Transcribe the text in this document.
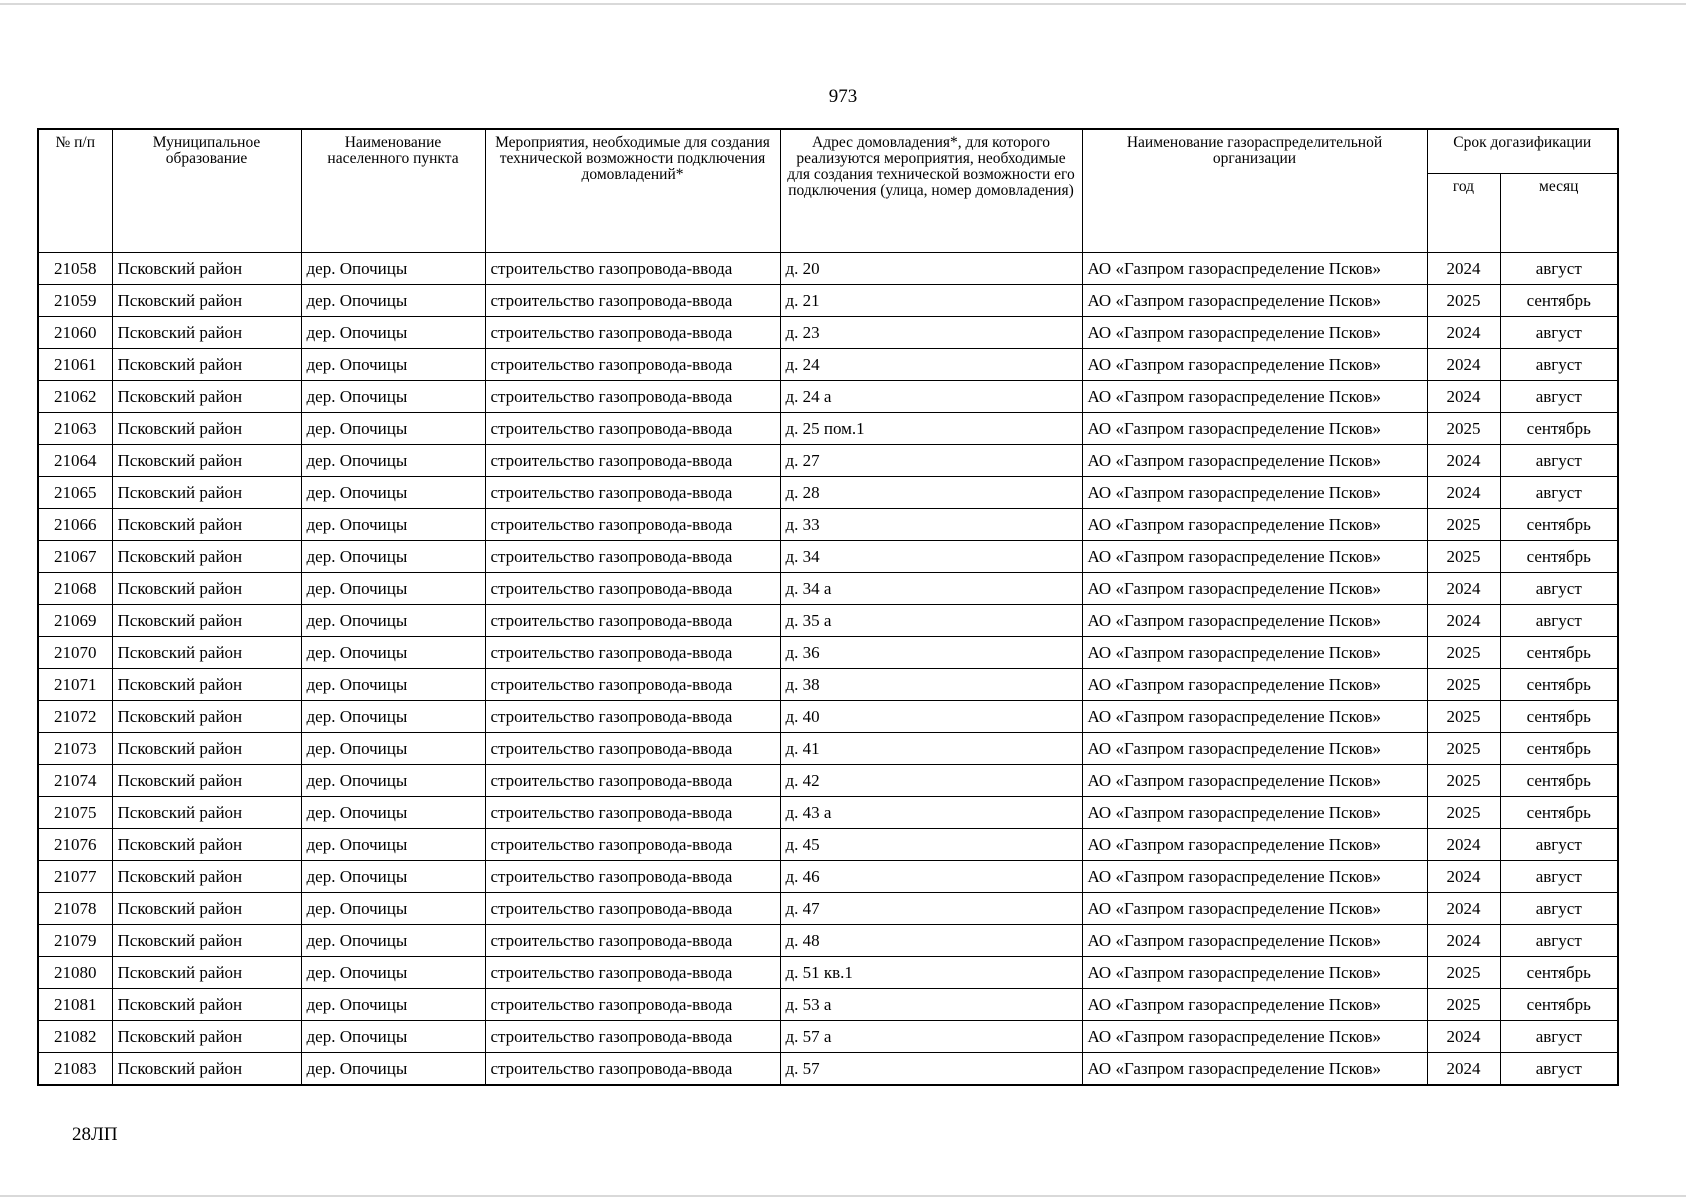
973
№ п/п	Муниципальное образование	Наименование населенного пункта	Мероприятия, необходимые для создания технической возможности подключения домовладений*	Адрес домовладения*, для которого реализуются мероприятия, необходимые для создания технической возможности его подключения (улица, номер домовладения)	Наименование газораспределительной организации	Срок догазификации	
						год	месяц
21058	Псковский район	дер. Опочицы	строительство газопровода-ввода	д. 20	АО «Газпром газораспределение Псков»	2024	август
21059	Псковский район	дер. Опочицы	строительство газопровода-ввода	д. 21	АО «Газпром газораспределение Псков»	2025	сентябрь
21060	Псковский район	дер. Опочицы	строительство газопровода-ввода	д. 23	АО «Газпром газораспределение Псков»	2024	август
21061	Псковский район	дер. Опочицы	строительство газопровода-ввода	д. 24	АО «Газпром газораспределение Псков»	2024	август
21062	Псковский район	дер. Опочицы	строительство газопровода-ввода	д. 24 а	АО «Газпром газораспределение Псков»	2024	август
21063	Псковский район	дер. Опочицы	строительство газопровода-ввода	д. 25 пом.1	АО «Газпром газораспределение Псков»	2025	сентябрь
21064	Псковский район	дер. Опочицы	строительство газопровода-ввода	д. 27	АО «Газпром газораспределение Псков»	2024	август
21065	Псковский район	дер. Опочицы	строительство газопровода-ввода	д. 28	АО «Газпром газораспределение Псков»	2024	август
21066	Псковский район	дер. Опочицы	строительство газопровода-ввода	д. 33	АО «Газпром газораспределение Псков»	2025	сентябрь
21067	Псковский район	дер. Опочицы	строительство газопровода-ввода	д. 34	АО «Газпром газораспределение Псков»	2025	сентябрь
21068	Псковский район	дер. Опочицы	строительство газопровода-ввода	д. 34 а	АО «Газпром газораспределение Псков»	2024	август
21069	Псковский район	дер. Опочицы	строительство газопровода-ввода	д. 35 а	АО «Газпром газораспределение Псков»	2024	август
21070	Псковский район	дер. Опочицы	строительство газопровода-ввода	д. 36	АО «Газпром газораспределение Псков»	2025	сентябрь
21071	Псковский район	дер. Опочицы	строительство газопровода-ввода	д. 38	АО «Газпром газораспределение Псков»	2025	сентябрь
21072	Псковский район	дер. Опочицы	строительство газопровода-ввода	д. 40	АО «Газпром газораспределение Псков»	2025	сентябрь
21073	Псковский район	дер. Опочицы	строительство газопровода-ввода	д. 41	АО «Газпром газораспределение Псков»	2025	сентябрь
21074	Псковский район	дер. Опочицы	строительство газопровода-ввода	д. 42	АО «Газпром газораспределение Псков»	2025	сентябрь
21075	Псковский район	дер. Опочицы	строительство газопровода-ввода	д. 43 а	АО «Газпром газораспределение Псков»	2025	сентябрь
21076	Псковский район	дер. Опочицы	строительство газопровода-ввода	д. 45	АО «Газпром газораспределение Псков»	2024	август
21077	Псковский район	дер. Опочицы	строительство газопровода-ввода	д. 46	АО «Газпром газораспределение Псков»	2024	август
21078	Псковский район	дер. Опочицы	строительство газопровода-ввода	д. 47	АО «Газпром газораспределение Псков»	2024	август
21079	Псковский район	дер. Опочицы	строительство газопровода-ввода	д. 48	АО «Газпром газораспределение Псков»	2024	август
21080	Псковский район	дер. Опочицы	строительство газопровода-ввода	д. 51 кв.1	АО «Газпром газораспределение Псков»	2025	сентябрь
21081	Псковский район	дер. Опочицы	строительство газопровода-ввода	д. 53 а	АО «Газпром газораспределение Псков»	2025	сентябрь
21082	Псковский район	дер. Опочицы	строительство газопровода-ввода	д. 57 а	АО «Газпром газораспределение Псков»	2024	август
21083	Псковский район	дер. Опочицы	строительство газопровода-ввода	д. 57	АО «Газпром газораспределение Псков»	2024	август
28ЛП
